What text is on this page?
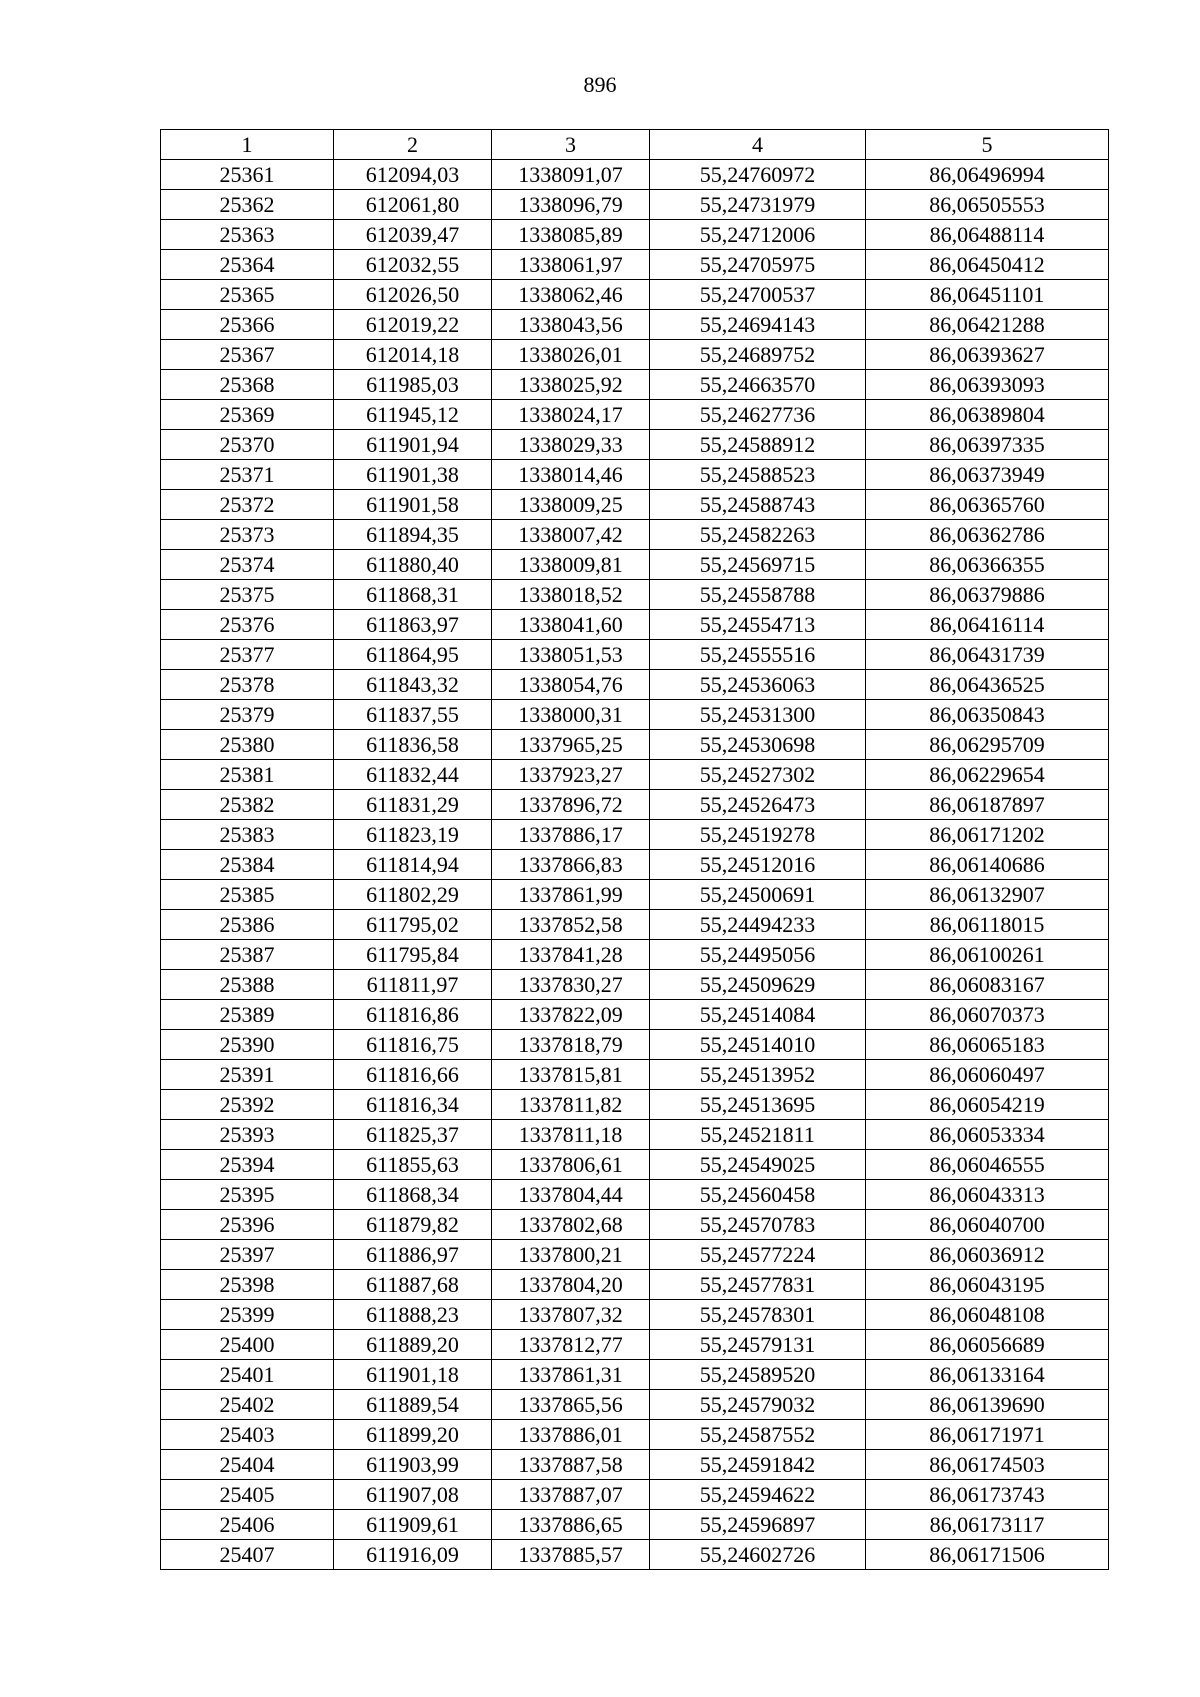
896
1	2	3	4	5
25361	612094,03	1338091,07	55,24760972	86,06496994
25362	612061,80	1338096,79	55,24731979	86,06505553
25363	612039,47	1338085,89	55,24712006	86,06488114
25364	612032,55	1338061,97	55,24705975	86,06450412
25365	612026,50	1338062,46	55,24700537	86,06451101
25366	612019,22	1338043,56	55,24694143	86,06421288
25367	612014,18	1338026,01	55,24689752	86,06393627
25368	611985,03	1338025,92	55,24663570	86,06393093
25369	611945,12	1338024,17	55,24627736	86,06389804
25370	611901,94	1338029,33	55,24588912	86,06397335
25371	611901,38	1338014,46	55,24588523	86,06373949
25372	611901,58	1338009,25	55,24588743	86,06365760
25373	611894,35	1338007,42	55,24582263	86,06362786
25374	611880,40	1338009,81	55,24569715	86,06366355
25375	611868,31	1338018,52	55,24558788	86,06379886
25376	611863,97	1338041,60	55,24554713	86,06416114
25377	611864,95	1338051,53	55,24555516	86,06431739
25378	611843,32	1338054,76	55,24536063	86,06436525
25379	611837,55	1338000,31	55,24531300	86,06350843
25380	611836,58	1337965,25	55,24530698	86,06295709
25381	611832,44	1337923,27	55,24527302	86,06229654
25382	611831,29	1337896,72	55,24526473	86,06187897
25383	611823,19	1337886,17	55,24519278	86,06171202
25384	611814,94	1337866,83	55,24512016	86,06140686
25385	611802,29	1337861,99	55,24500691	86,06132907
25386	611795,02	1337852,58	55,24494233	86,06118015
25387	611795,84	1337841,28	55,24495056	86,06100261
25388	611811,97	1337830,27	55,24509629	86,06083167
25389	611816,86	1337822,09	55,24514084	86,06070373
25390	611816,75	1337818,79	55,24514010	86,06065183
25391	611816,66	1337815,81	55,24513952	86,06060497
25392	611816,34	1337811,82	55,24513695	86,06054219
25393	611825,37	1337811,18	55,24521811	86,06053334
25394	611855,63	1337806,61	55,24549025	86,06046555
25395	611868,34	1337804,44	55,24560458	86,06043313
25396	611879,82	1337802,68	55,24570783	86,06040700
25397	611886,97	1337800,21	55,24577224	86,06036912
25398	611887,68	1337804,20	55,24577831	86,06043195
25399	611888,23	1337807,32	55,24578301	86,06048108
25400	611889,20	1337812,77	55,24579131	86,06056689
25401	611901,18	1337861,31	55,24589520	86,06133164
25402	611889,54	1337865,56	55,24579032	86,06139690
25403	611899,20	1337886,01	55,24587552	86,06171971
25404	611903,99	1337887,58	55,24591842	86,06174503
25405	611907,08	1337887,07	55,24594622	86,06173743
25406	611909,61	1337886,65	55,24596897	86,06173117
25407	611916,09	1337885,57	55,24602726	86,06171506
